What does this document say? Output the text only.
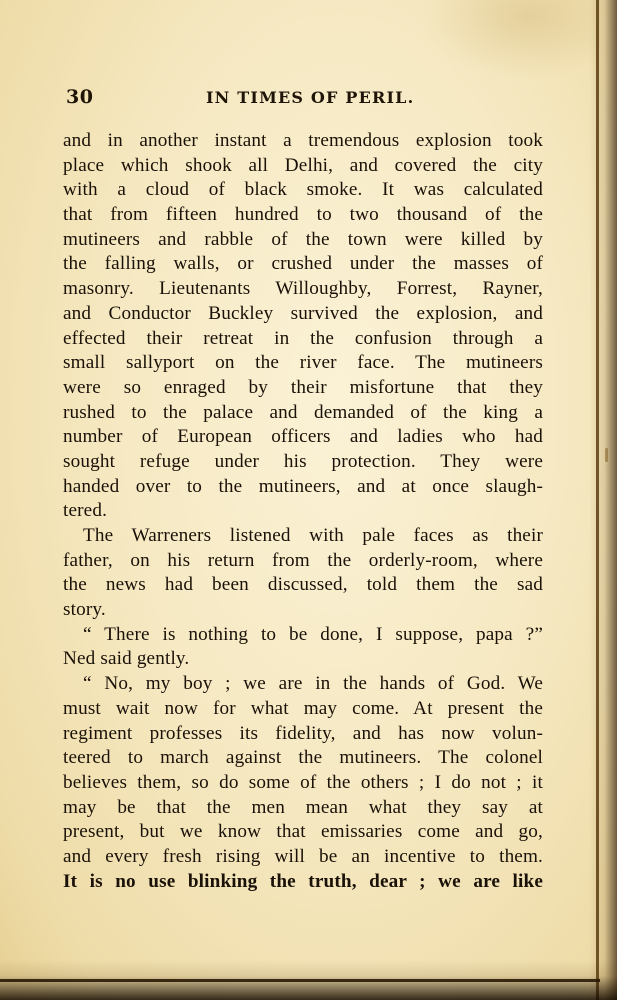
30	IN TIMES OF PERIL.
and in another instant a tremendous explosion took
place which shook all Delhi, and covered the city
with a cloud of black smoke. It was calculated
that from fifteen hundred to two thousand of the
mutineers and rabble of the town were killed by
the falling walls, or crushed under the masses of
masonry. Lieutenants Willoughby, Forrest, Rayner,
and Conductor Buckley survived the explosion, and
effected their retreat in the confusion through a
small sallyport on the river face. The mutineers
were so enraged by their misfortune that they
rushed to the palace and demanded of the king a
number of European officers and ladies who had
sought refuge under his protection. They were
handed over to the mutineers, and at once slaugh-
tered.
The Warreners listened with pale faces as their
father, on his return from the orderly-room, where
the news had been discussed, told them the sad
story.
“ There is nothing to be done, I suppose, papa ?”
Ned said gently.
“ No, my boy ; we are in the hands of God. We
must wait now for what may come. At present the
regiment professes its fidelity, and has now volun-
teered to march against the mutineers. The colonel
believes them, so do some of the others ; I do not ; it
may be that the men mean what they say at
present, but we know that emissaries come and go,
and every fresh rising will be an incentive to them.
It is no use blinking the truth, dear ; we are like
